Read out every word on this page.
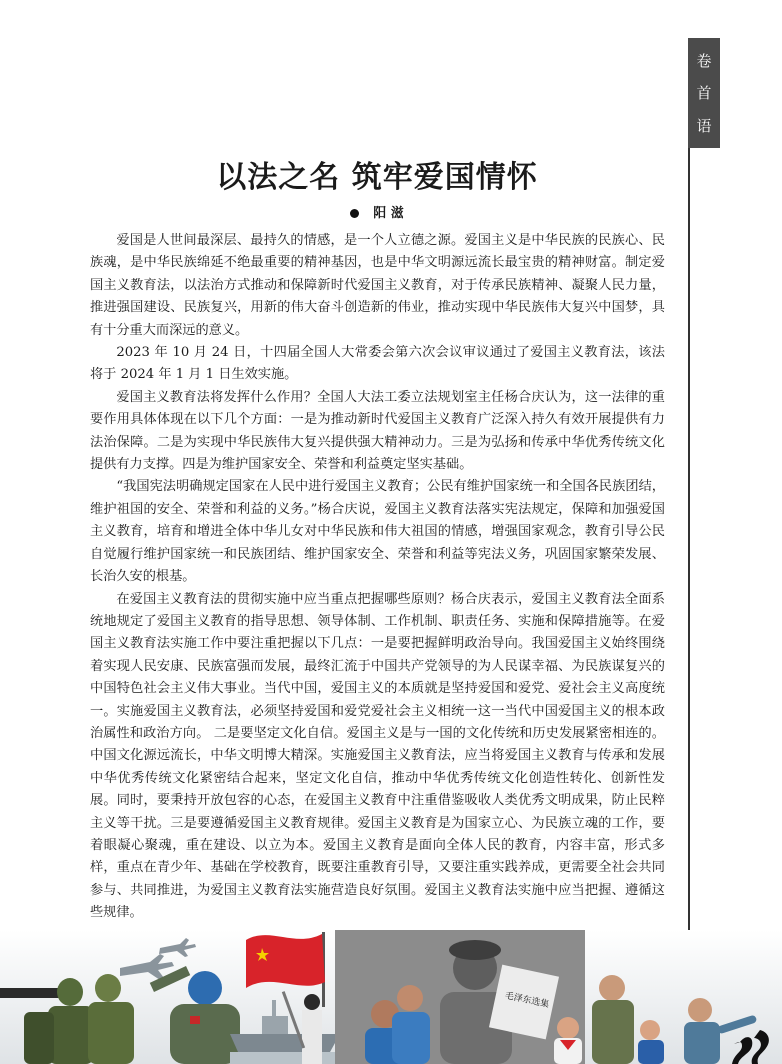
卷
首
语
以法之名 筑牢爱国情怀
阳 滋

爱国是人世间最深层、最持久的情感，是一个人立德之源。爱国主义是中华民族的民族心、民族魂，是中华民族绵延不绝最重要的精神基因，也是中华文明源远流长最宝贵的精神财富。制定爱国主义教育法，以法治方式推动和保障新时代爱国主义教育，对于传承民族精神、凝聚人民力量，推进强国建设、民族复兴，用新的伟大奋斗创造新的伟业，推动实现中华民族伟大复兴中国梦，具有十分重大而深远的意义。

2023 年 10 月 24 日，十四届全国人大常委会第六次会议审议通过了爱国主义教育法，该法将于 2024 年 1 月 1 日生效实施。

爱国主义教育法将发挥什么作用？全国人大法工委立法规划室主任杨合庆认为，这一法律的重要作用具体体现在以下几个方面：一是为推动新时代爱国主义教育广泛深入持久有效开展提供有力法治保障。二是为实现中华民族伟大复兴提供强大精神动力。三是为弘扬和传承中华优秀传统文化提供有力支撑。四是为维护国家安全、荣誉和利益奠定坚实基础。

“我国宪法明确规定国家在人民中进行爱国主义教育；公民有维护国家统一和全国各民族团结，维护祖国的安全、荣誉和利益的义务。”杨合庆说，爱国主义教育法落实宪法规定，保障和加强爱国主义教育，培育和增进全体中华儿女对中华民族和伟大祖国的情感，增强国家观念，教育引导公民自觉履行维护国家统一和民族团结、维护国家安全、荣誉和利益等宪法义务，巩固国家繁荣发展、长治久安的根基。

在爱国主义教育法的贯彻实施中应当重点把握哪些原则？杨合庆表示，爱国主义教育法全面系统地规定了爱国主义教育的指导思想、领导体制、工作机制、职责任务、实施和保障措施等。在爱国主义教育法实施工作中要注重把握以下几点：一是要把握鲜明政治导向。我国爱国主义始终围绕着实现人民安康、民族富强而发展，最终汇流于中国共产党领导的为人民谋幸福、为民族谋复兴的中国特色社会主义伟大事业。当代中国，爱国主义的本质就是坚持爱国和爱党、爱社会主义高度统一。实施爱国主义教育法，必须坚持爱国和爱党爱社会主义相统一这一当代中国爱国主义的根本政治属性和政治方向。 二是要坚定文化自信。爱国主义是与一国的文化传统和历史发展紧密相连的。中国文化源远流长，中华文明博大精深。实施爱国主义教育法，应当将爱国主义教育与传承和发展中华优秀传统文化紧密结合起来，坚定文化自信，推动中华优秀传统文化创造性转化、创新性发展。同时，要秉持开放包容的心态，在爱国主义教育中注重借鉴吸收人类优秀文明成果，防止民粹主义等干扰。三是要遵循爱国主义教育规律。爱国主义教育是为国家立心、为民族立魂的工作，要着眼凝心聚魂，重在建设、以立为本。爱国主义教育是面向全体人民的教育，内容丰富，形式多样，重点在青少年、基础在学校教育，既要注重教育引导，又要注重实践养成，更需要全社会共同参与、共同推进，为爱国主义教育法实施营造良好氛围。爱国主义教育法实施中应当把握、遵循这些规律。

毛泽东选集
